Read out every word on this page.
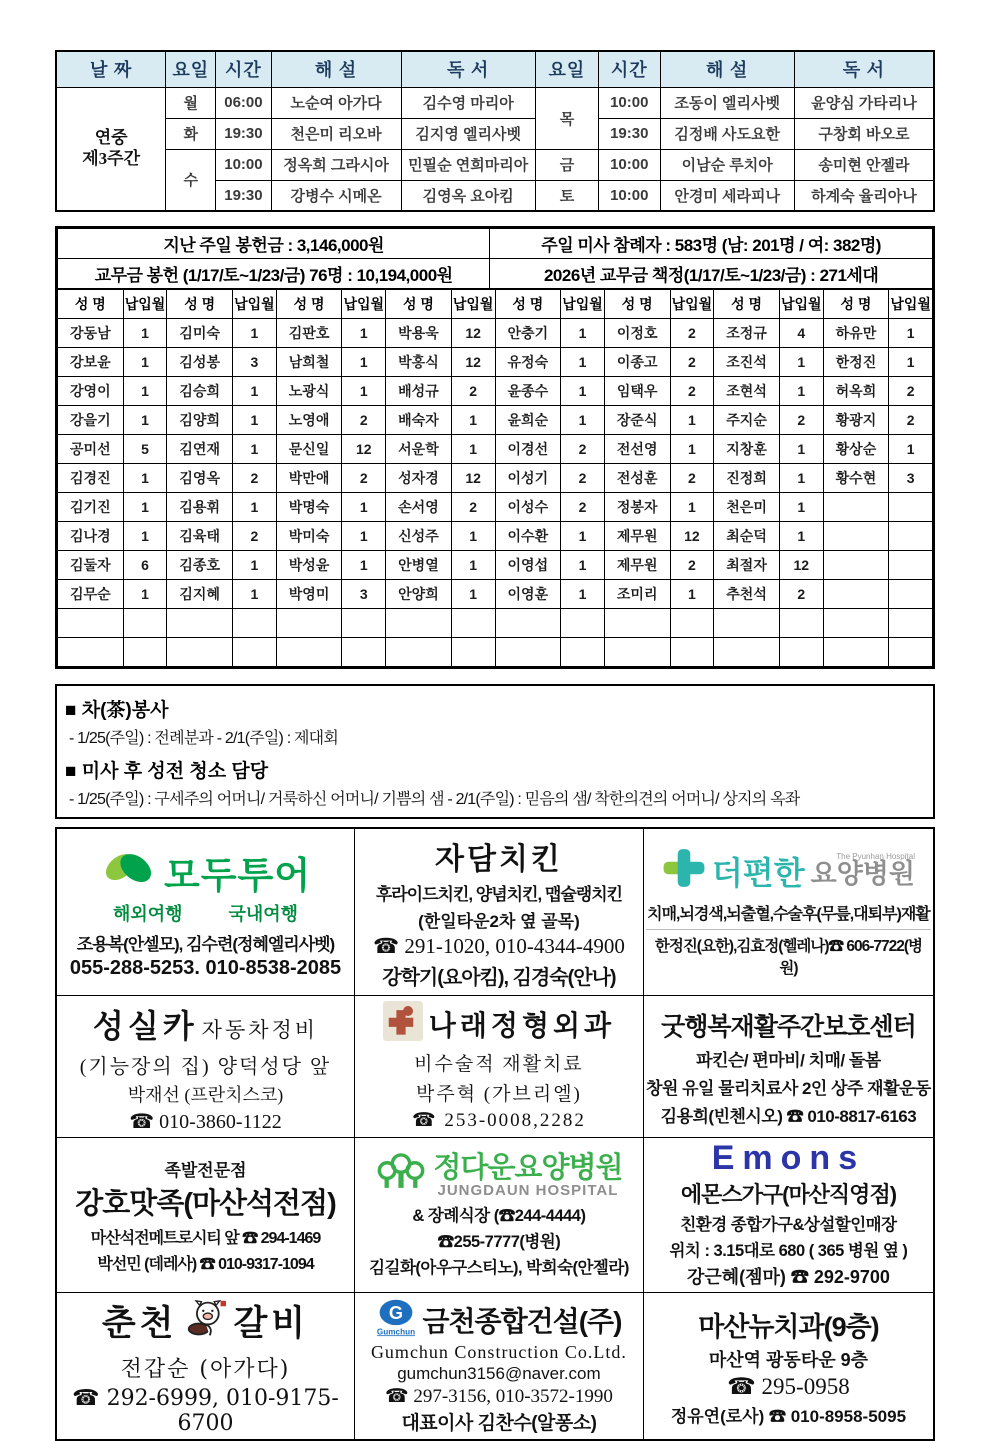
날 짜	요일	시간	해 설	독 서	요일	시간	해 설	독 서

연중
제3주간	월	06:00	노순여 아가다	김수영 마리아	목	10:00	조동이 엘리사벳	윤양심 가타리나
	화	19:30	천은미 리오바	김지영 엘리사벳		19:30	김정배 사도요한	구창회 바오로
	수	10:00	정옥희 그라시아	민필순 연희마리아	금	10:00	이남순 루치아	송미현 안젤라
		19:30	강병수 시메온	김영옥 요아킴	토	10:00	안경미 세라피나	하계숙 율리아나
지난 주일 봉헌금 : 3,146,000원	주일 미사 참례자 : 583명 (남: 201명 / 여: 382명)
교무금 봉헌 (1/17/토~1/23/금) 76명 : 10,194,000원	2026년 교무금 책정(1/17/토~1/23/금) : 271세대
성 명	납입월	성 명	납입월	성 명	납입월	성 명	납입월	성 명	납입월	성 명	납입월	성 명	납입월	성 명	납입월
강동남	1	김미숙	1	김판호	1	박용욱	12	안충기	1	이정호	2	조정규	4	하유만	1
강보윤	1	김성봉	3	남희철	1	박홍식	12	유정숙	1	이종고	2	조진석	1	한정진	1
강영이	1	김승희	1	노광식	1	배성규	2	윤종수	1	임택우	2	조현석	1	허옥희	2
강을기	1	김양희	1	노영애	2	배숙자	1	윤희순	1	장준식	1	주지순	2	황광지	2
공미선	5	김연재	1	문신일	12	서운학	1	이경선	2	전선영	1	지창훈	1	황상순	1
김경진	1	김영옥	2	박만애	2	성자경	12	이성기	2	전성훈	2	진정희	1	황수현	3
김기진	1	김용휘	1	박명숙	1	손서영	2	이성수	2	정봉자	1	천은미	1		
김나경	1	김육태	2	박미숙	1	신성주	1	이수환	1	제무원	12	최순덕	1		
김둘자	6	김종호	1	박성윤	1	안병열	1	이영섭	1	제무원	2	최절자	12		
김무순	1	김지혜	1	박영미	3	안양희	1	이영훈	1	조미리	1	추천석	2		

■ 차(茶)봉사
- 1/25(주일) : 전례분과 - 2/1(주일) : 제대회
■ 미사 후 성전 청소 담당
- 1/25(주일) : 구세주의 어머니/ 거룩하신 어머니/ 기쁨의 샘 - 2/1(주일) : 믿음의 샘/ 착한의견의 어머니/ 상지의 옥좌
모두투어
해외여행	국내여행
조용복(안셀모), 김수련(정혜엘리사벳)
055-288-5253. 010-8538-2085

자담치킨
후라이드치킨, 양념치킨, 맵슐랭치킨
(한일타운2차 옆 골목)
☎ 291-1020, 010-4344-4900
강학기(요아킴), 김경숙(안나)

더편한	The Pyunhan Hospital
요양병원
치매,뇌경색,뇌출혈,수술후(무릎,대퇴부)재활
한정진(요한),김효정(헬레나)☎ 606-7722(병원)

성실카 자동차정비
(기능장의 집) 양덕성당 앞
박재선 (프란치스코)
☎ 010-3860-1122

나래정형외과
비수술적 재활치료
박주혁 (가브리엘)
☎ 253-0008,2282

굿행복재활주간보호센터
파킨슨/ 편마비/ 치매/ 돌봄
창원 유일 물리치료사 2인 상주 재활운동
김용희(빈첸시오) ☎ 010-8817-6163

족발전문점
강호맛족(마산석전점)
마산석전메트로시티 앞 ☎ 294-1469
박선민 (데레사) ☎ 010-9317-1094

정다운요양병원
JUNGDAUN HOSPITAL
& 장례식장 (☎244-4444)
☎255-7777(병원)
김길화(아우구스티노), 박희숙(안젤라)

Emons
에몬스가구(마산직영점)
친환경 종합가구&상설할인매장
위치 : 3.15대로 680 ( 365 병원 옆 )
강근혜(젬마) ☎ 292-9700

춘천 갈비
전갑순 (아가다)
☎ 292-6999, 010-9175-6700

G
Gumchun 금천종합건설(주)
Gumchun Construction Co.Ltd.
gumchun3156@naver.com
☎ 297-3156, 010-3572-1990
대표이사 김찬수(알퐁소)

마산뉴치과(9층)
마산역 광동타운 9층
☎ 295-0958
정유연(로사) ☎ 010-8958-5095
